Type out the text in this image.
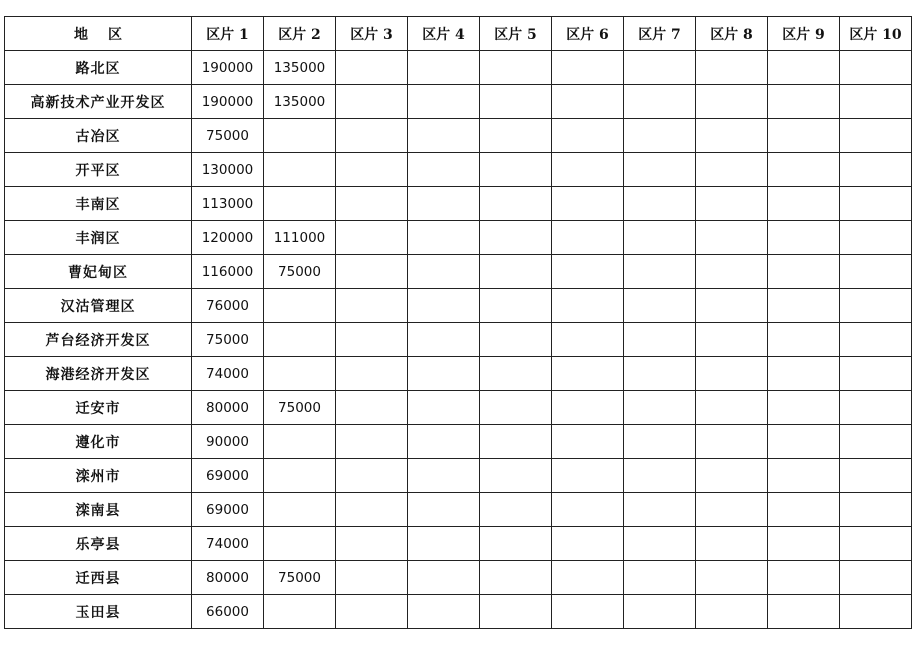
地区	区片 1	区片 2	区片 3	区片 4	区片 5	区片 6	区片 7	区片 8	区片 9	区片 10
路北区	190000	135000								
高新技术产业开发区	190000	135000								
古冶区	75000									
开平区	130000									
丰南区	113000									
丰润区	120000	111000								
曹妃甸区	116000	75000								
汉沽管理区	76000									
芦台经济开发区	75000									
海港经济开发区	74000									
迁安市	80000	75000								
遵化市	90000									
滦州市	69000									
滦南县	69000									
乐亭县	74000									
迁西县	80000	75000								
玉田县	66000									
